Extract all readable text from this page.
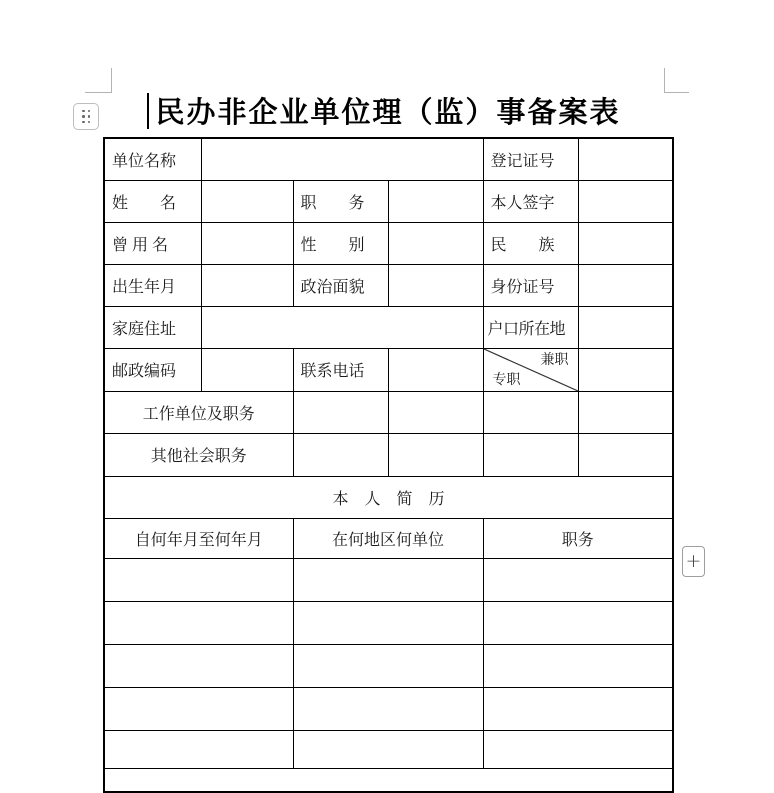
民办非企业单位理（监）事备案表
单位名称				登记证号	
姓　　名		职　　务		本人签字	
曾 用 名		性　　别		民　　族	
出生年月		政治面貌		身份证号	
家庭住址				户口所在地	
邮政编码		联系电话		兼职
专职	

工作单位及职务					
其他社会职务					
本　人　简　历					
自何年月至何年月		在何地区何单位		职务	

+
